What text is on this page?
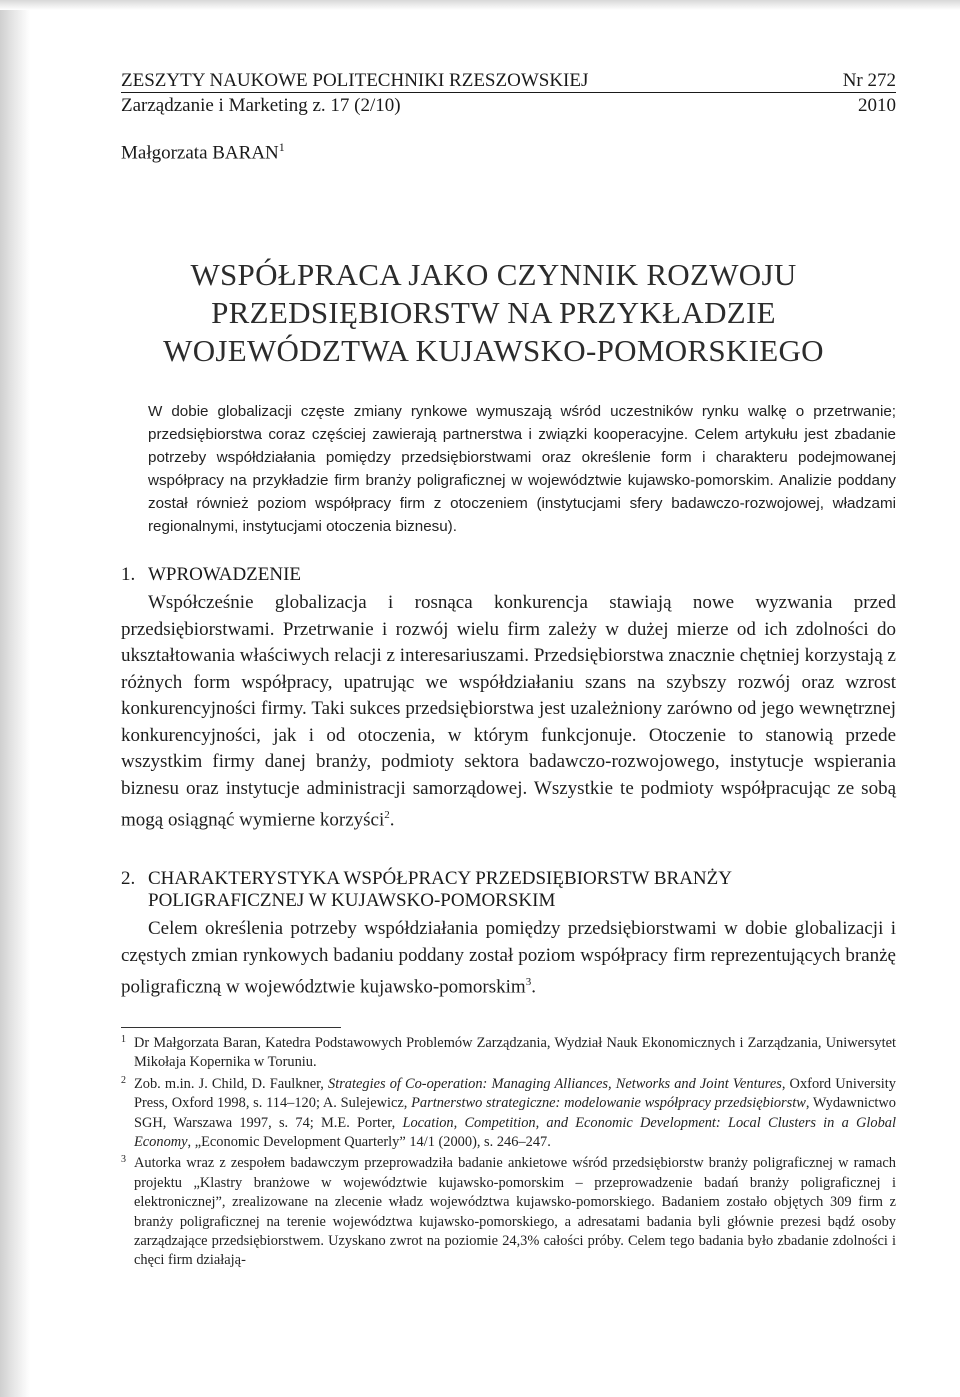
ZESZYTY NAUKOWE POLITECHNIKI RZESZOWSKIEJ	Nr 272
Zarządzanie i Marketing z. 17 (2/10)	2010
Małgorzata BARAN$^1$
WSPÓŁPRACA JAKO CZYNNIK ROZWOJU
PRZEDSIĘBIORSTW NA PRZYKŁADZIE
WOJEWÓDZTWA KUJAWSKO-POMORSKIEGO
W dobie globalizacji częste zmiany rynkowe wymuszają wśród uczestników rynku walkę o przetrwanie; przedsiębiorstwa coraz częściej zawierają partnerstwa i związki kooperacyjne. Celem artykułu jest zbadanie potrzeby współdziałania pomiędzy przedsiębiorstwami oraz określenie form i charakteru podejmowanej współpracy na przykładzie firm branży poligraficznej w województwie kujawsko-pomorskim. Analizie poddany został również poziom współpracy firm z otoczeniem (instytucjami sfery badawczo-rozwojowej, władzami regionalnymi, instytucjami otoczenia biznesu).
1. WPROWADZENIE
Współcześnie globalizacja i rosnąca konkurencja stawiają nowe wyzwania przed przedsiębiorstwami. Przetrwanie i rozwój wielu firm zależy w dużej mierze od ich zdolności do ukształtowania właściwych relacji z interesariuszami. Przedsiębiorstwa znacznie chętniej korzystają z różnych form współpracy, upatrując we współdziałaniu szans na szybszy rozwój oraz wzrost konkurencyjności firmy. Taki sukces przedsiębiorstwa jest uzależniony zarówno od jego wewnętrznej konkurencyjności, jak i od otoczenia, w którym funkcjonuje. Otoczenie to stanowią przede wszystkim firmy danej branży, podmioty sektora badawczo-rozwojowego, instytucje wspierania biznesu oraz instytucje administracji samorządowej. Wszystkie te podmioty współpracując ze sobą mogą osiągnąć wymierne korzyści$^2$.
2. CHARAKTERYSTYKA WSPÓŁPRACY PRZEDSIĘBIORSTW BRANŻY
POLIGRAFICZNEJ W KUJAWSKO-POMORSKIM
Celem określenia potrzeby współdziałania pomiędzy przedsiębiorstwami w dobie globalizacji i częstych zmian rynkowych badaniu poddany został poziom współpracy firm reprezentujących branżę poligraficzną w województwie kujawsko-pomorskim$^3$.
1 Dr Małgorzata Baran, Katedra Podstawowych Problemów Zarządzania, Wydział Nauk Ekonomicznych i Zarządzania, Uniwersytet Mikołaja Kopernika w Toruniu.
2 Zob. m.in. J. Child, D. Faulkner, Strategies of Co-operation: Managing Alliances, Networks and Joint Ventures, Oxford University Press, Oxford 1998, s. 114–120; A. Sulejewicz, Partnerstwo strategiczne: modelowanie współpracy przedsiębiorstw, Wydawnictwo SGH, Warszawa 1997, s. 74; M.E. Porter, Location, Competition, and Economic Development: Local Clusters in a Global Economy, „Economic Development Quarterly” 14/1 (2000), s. 246–247.
3 Autorka wraz z zespołem badawczym przeprowadziła badanie ankietowe wśród przedsiębiorstw branży poligraficznej w ramach projektu „Klastry branżowe w województwie kujawsko-pomorskim – przeprowadzenie badań branży poligraficznej i elektronicznej”, zrealizowane na zlecenie władz województwa kujawsko-pomorskiego. Badaniem zostało objętych 309 firm z branży poligraficznej na terenie województwa kujawsko-pomorskiego, a adresatami badania byli głównie prezesi bądź osoby zarządzające przedsiębiorstwem. Uzyskano zwrot na poziomie 24,3% całości próby. Celem tego badania było zbadanie zdolności i chęci firm działają-
